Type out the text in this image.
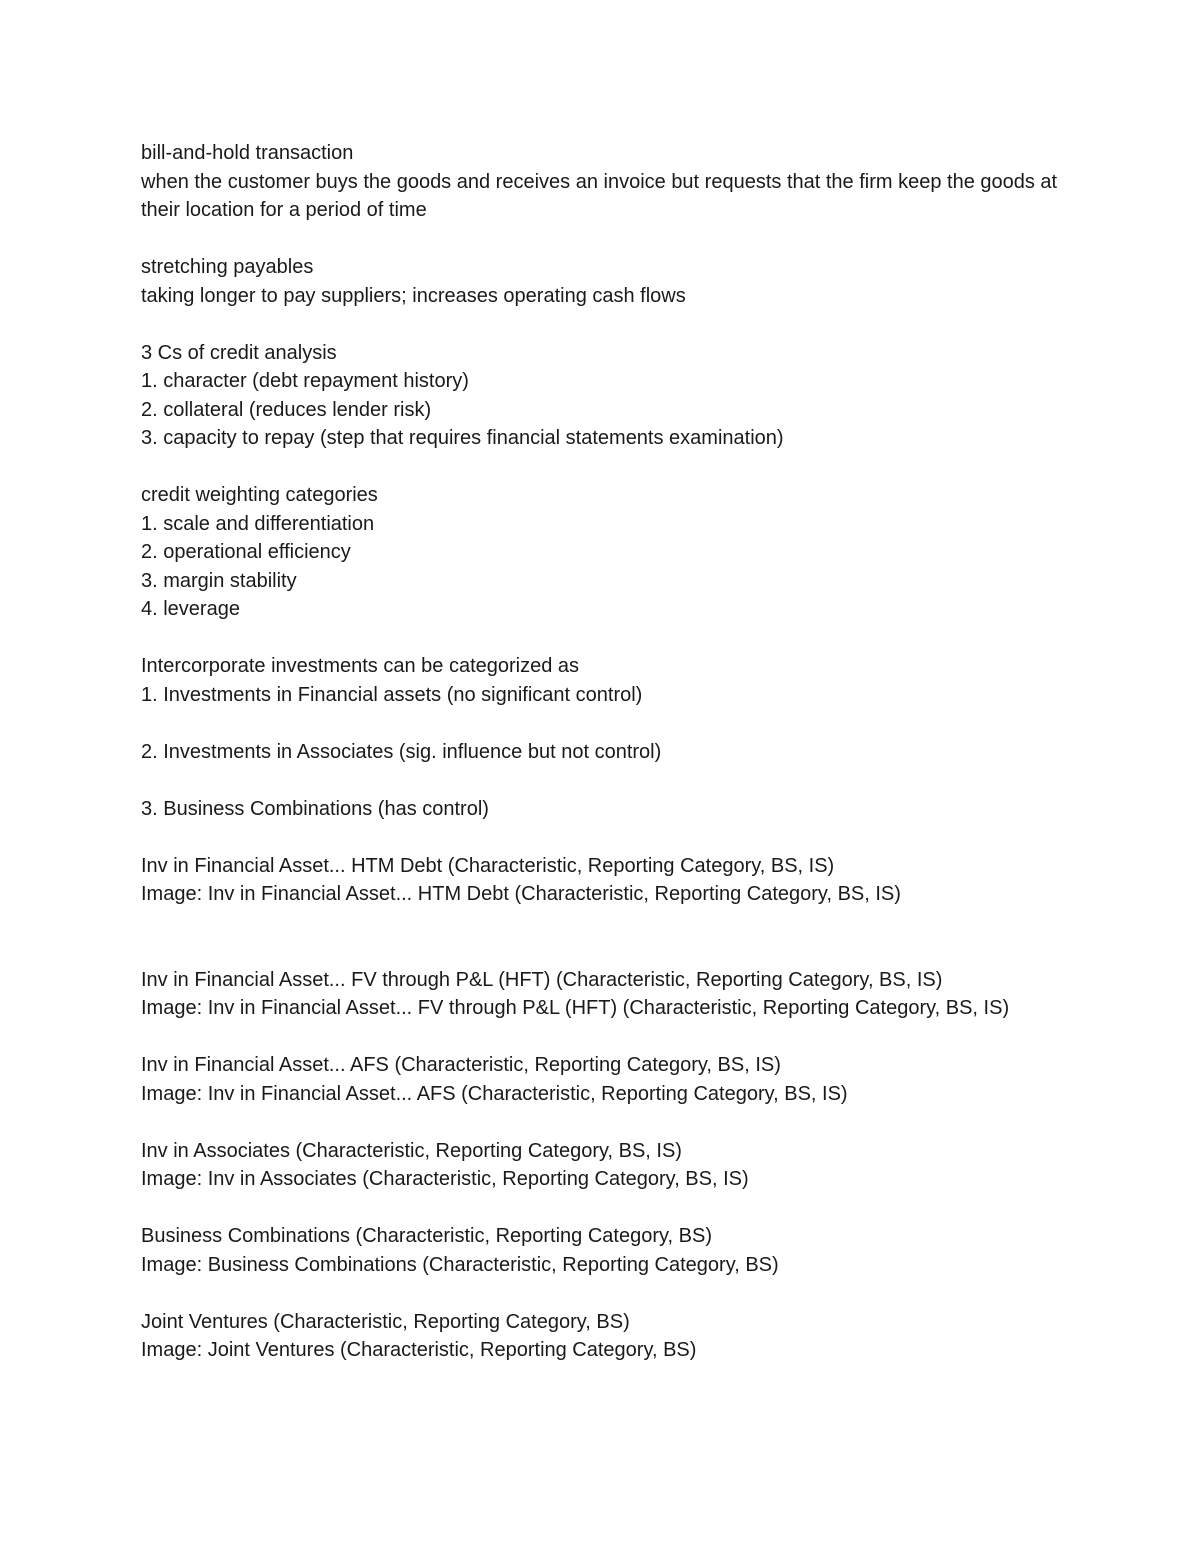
bill-and-hold transaction
when the customer buys the goods and receives an invoice but requests that the firm keep the goods at their location for a period of time
stretching payables
taking longer to pay suppliers; increases operating cash flows
3 Cs of credit analysis
1. character (debt repayment history)
2. collateral (reduces lender risk)
3. capacity to repay (step that requires financial statements examination)
credit weighting categories
1. scale and differentiation
2. operational efficiency
3. margin stability
4. leverage
Intercorporate investments can be categorized as
1. Investments in Financial assets (no significant control)
2. Investments in Associates (sig. influence but not control)
3. Business Combinations (has control)
Inv in Financial Asset... HTM Debt (Characteristic, Reporting Category, BS, IS)
Image: Inv in Financial Asset... HTM Debt (Characteristic, Reporting Category, BS, IS)
Inv in Financial Asset... FV through P&L (HFT) (Characteristic, Reporting Category, BS, IS)
Image: Inv in Financial Asset... FV through P&L (HFT) (Characteristic, Reporting Category, BS, IS)
Inv in Financial Asset... AFS (Characteristic, Reporting Category, BS, IS)
Image: Inv in Financial Asset... AFS (Characteristic, Reporting Category, BS, IS)
Inv in Associates (Characteristic, Reporting Category, BS, IS)
Image: Inv in Associates (Characteristic, Reporting Category, BS, IS)
Business Combinations (Characteristic, Reporting Category, BS)
Image: Business Combinations (Characteristic, Reporting Category, BS)
Joint Ventures (Characteristic, Reporting Category, BS)
Image: Joint Ventures (Characteristic, Reporting Category, BS)
